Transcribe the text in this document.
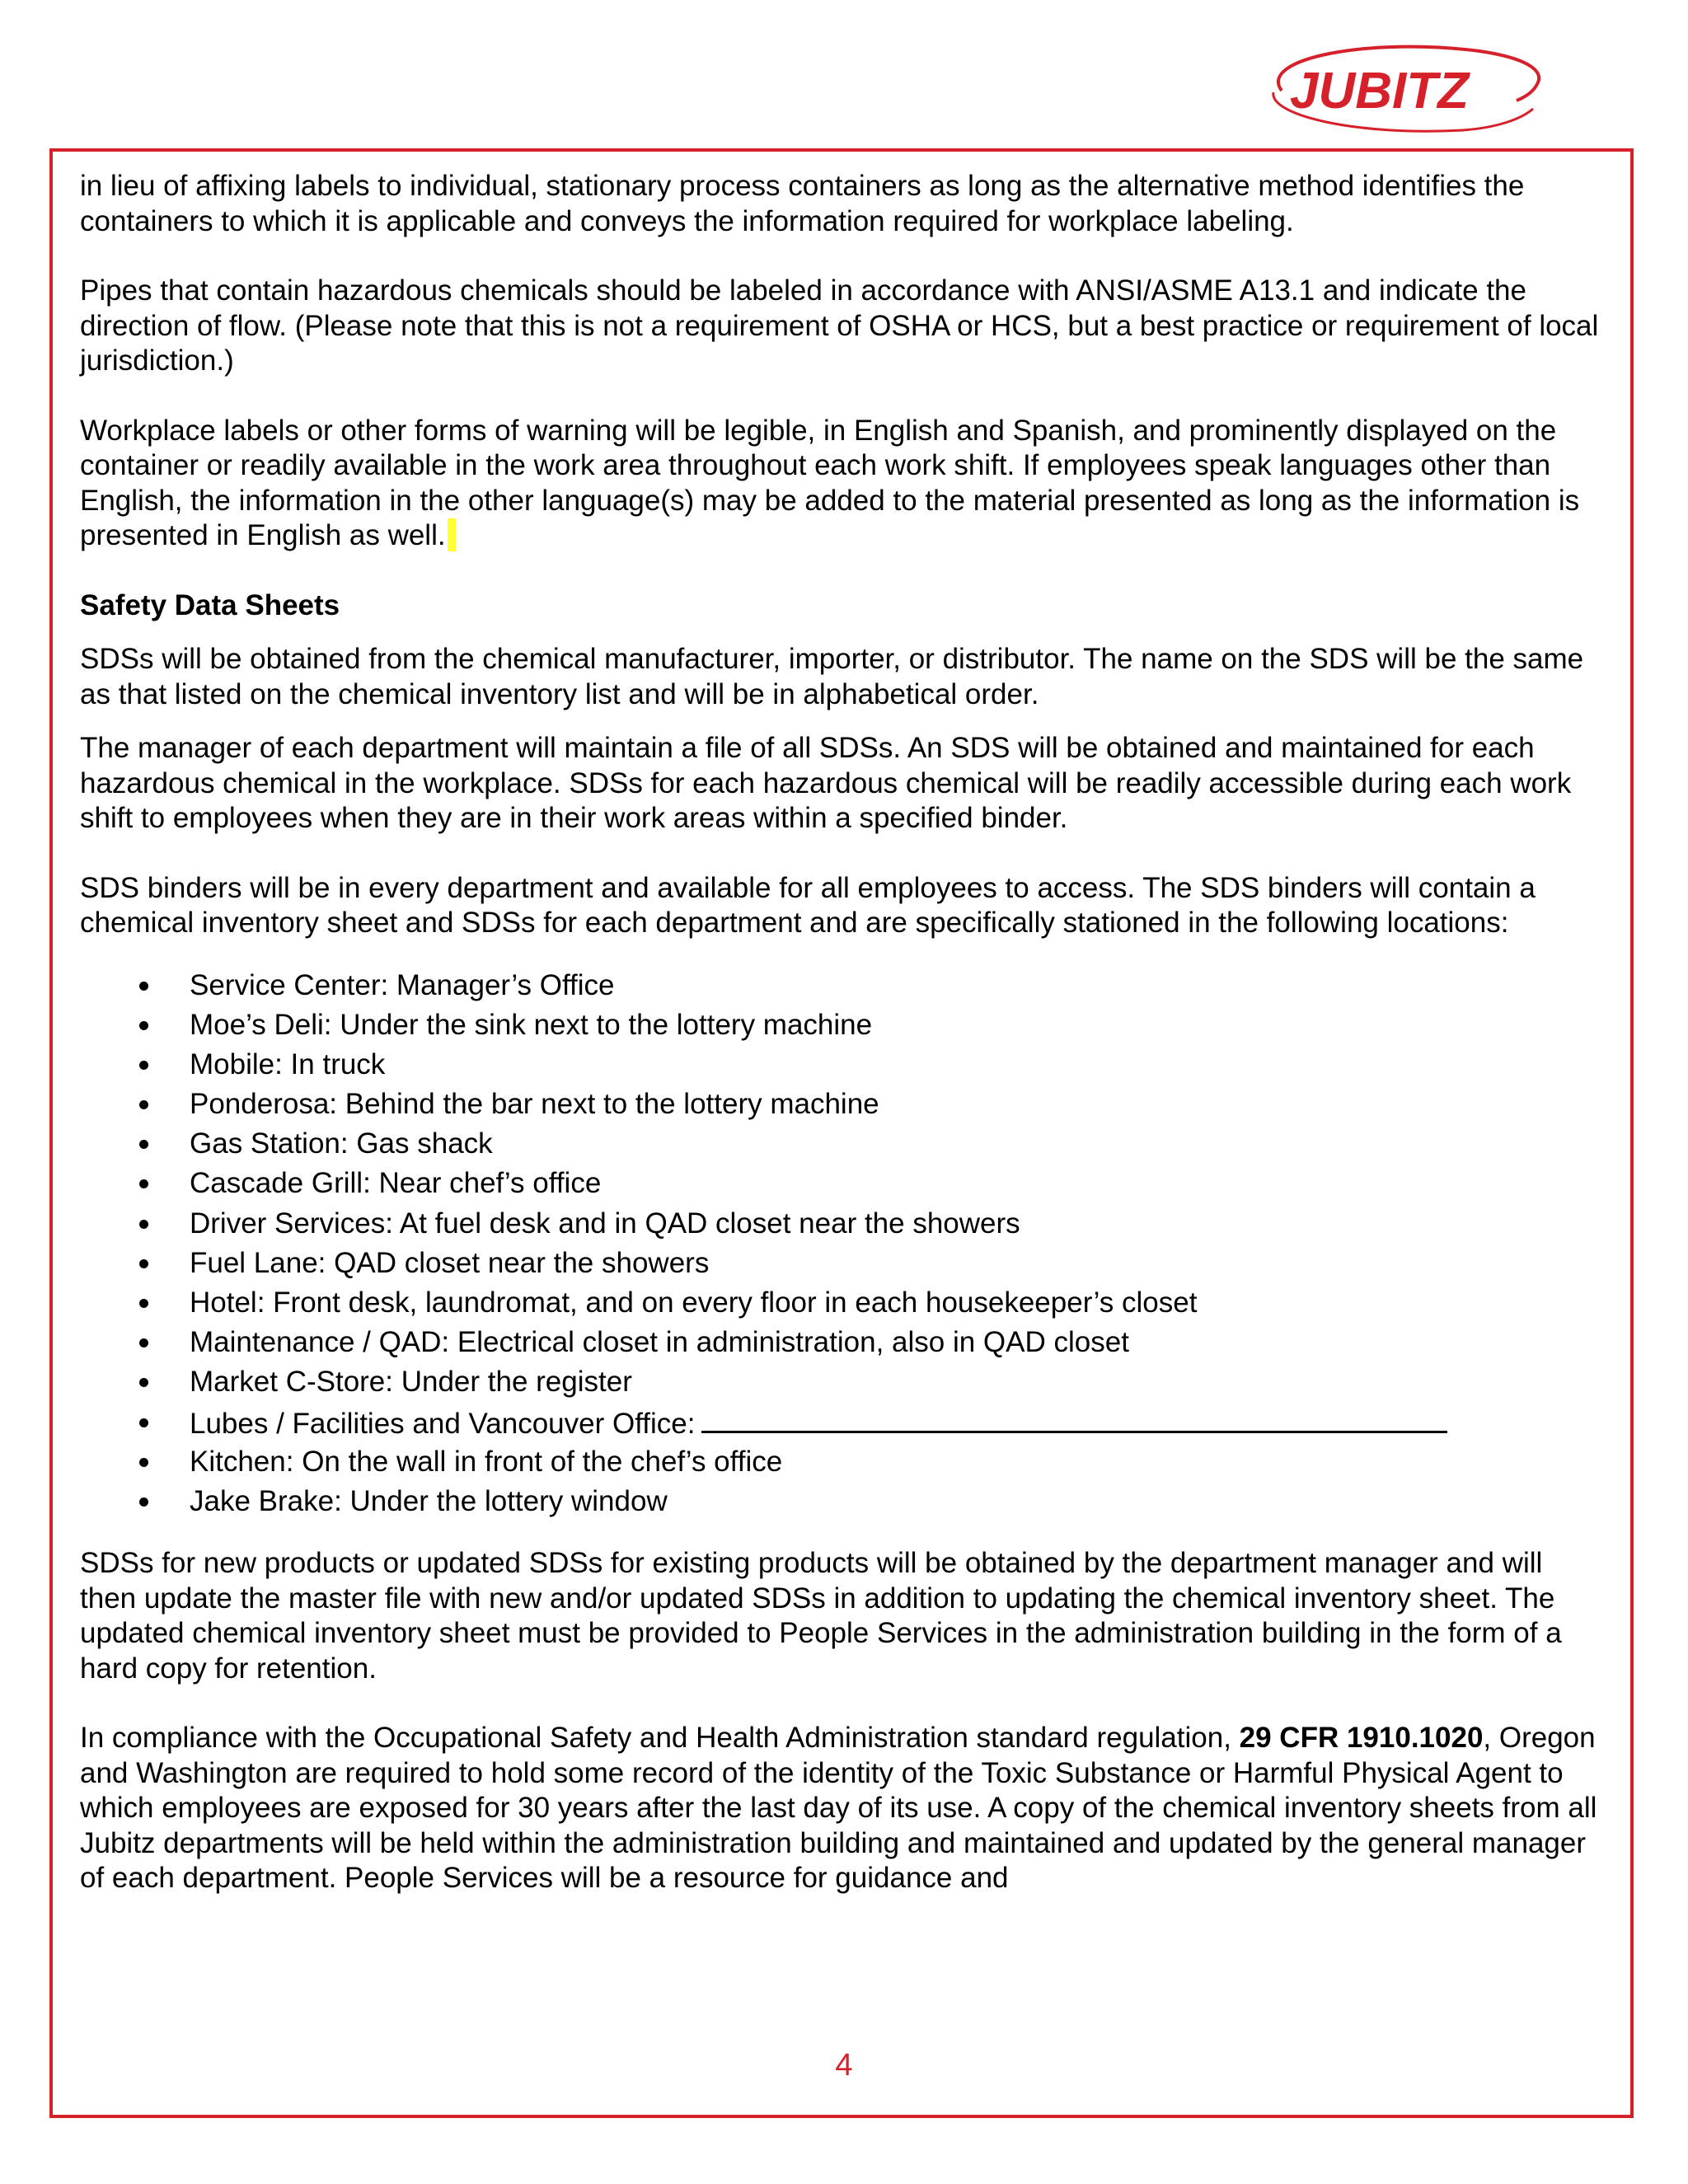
JUBITZ

in lieu of affixing labels to individual, stationary process containers as long as the alternative method identifies the containers to which it is applicable and conveys the information required for workplace labeling.

Pipes that contain hazardous chemicals should be labeled in accordance with ANSI/ASME A13.1 and indicate the direction of flow. (Please note that this is not a requirement of OSHA or HCS, but a best practice or requirement of local jurisdiction.)

Workplace labels or other forms of warning will be legible, in English and Spanish, and prominently displayed on the container or readily available in the work area throughout each work shift. If employees speak languages other than English, the information in the other language(s) may be added to the material presented as long as the information is presented in English as well.

Safety Data Sheets

SDSs will be obtained from the chemical manufacturer, importer, or distributor. The name on the SDS will be the same as that listed on the chemical inventory list and will be in alphabetical order.

The manager of each department will maintain a file of all SDSs. An SDS will be obtained and maintained for each hazardous chemical in the workplace. SDSs for each hazardous chemical will be readily accessible during each work shift to employees when they are in their work areas within a specified binder.

SDS binders will be in every department and available for all employees to access. The SDS binders will contain a chemical inventory sheet and SDSs for each department and are specifically stationed in the following locations:

Service Center: Manager’s Office
Moe’s Deli: Under the sink next to the lottery machine
Mobile: In truck
Ponderosa: Behind the bar next to the lottery machine
Gas Station: Gas shack
Cascade Grill: Near chef’s office
Driver Services: At fuel desk and in QAD closet near the showers
Fuel Lane: QAD closet near the showers
Hotel: Front desk, laundromat, and on every floor in each housekeeper’s closet
Maintenance / QAD: Electrical closet in administration, also in QAD closet
Market C-Store: Under the register
Lubes / Facilities and Vancouver Office:
Kitchen: On the wall in front of the chef’s office
Jake Brake: Under the lottery window

SDSs for new products or updated SDSs for existing products will be obtained by the department manager and will then update the master file with new and/or updated SDSs in addition to updating the chemical inventory sheet. The updated chemical inventory sheet must be provided to People Services in the administration building in the form of a hard copy for retention.

In compliance with the Occupational Safety and Health Administration standard regulation, 29 CFR 1910.1020, Oregon and Washington are required to hold some record of the identity of the Toxic Substance or Harmful Physical Agent to which employees are exposed for 30 years after the last day of its use. A copy of the chemical inventory sheets from all Jubitz departments will be held within the administration building and maintained and updated by the general manager of each department. People Services will be a resource for guidance and

4
